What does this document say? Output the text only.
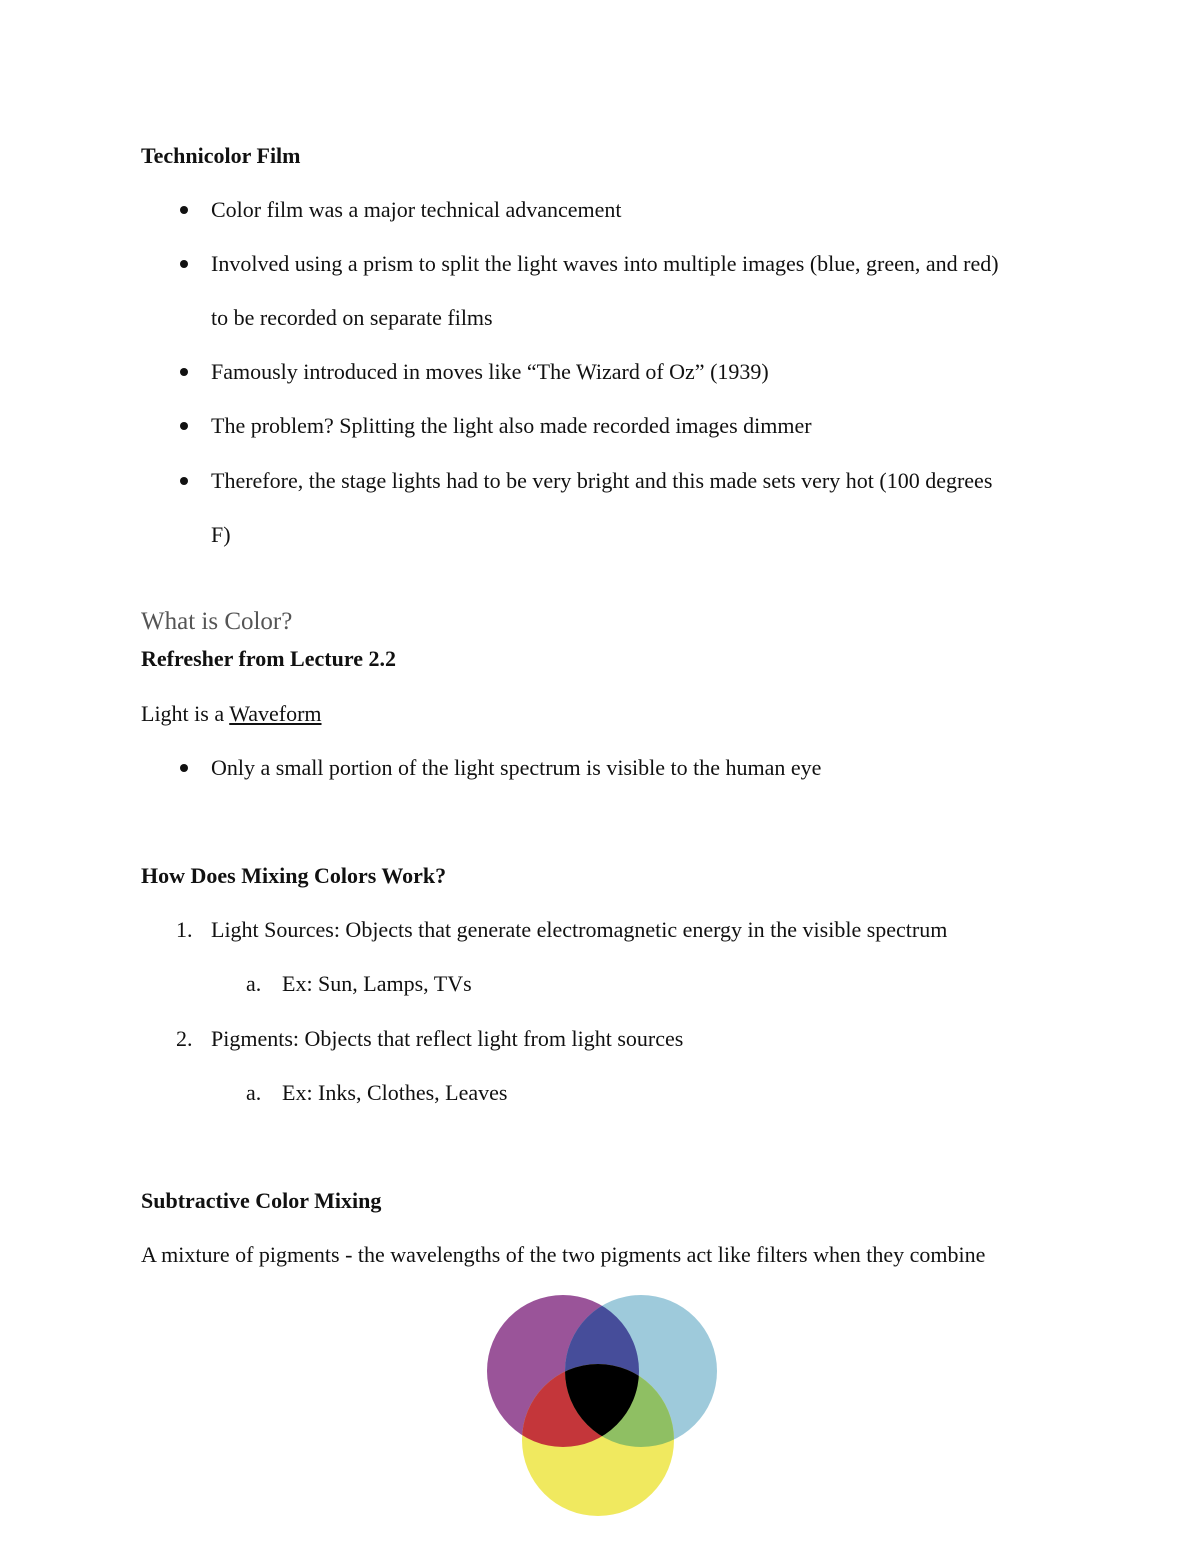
Technicolor Film
Color film was a major technical advancement
Involved using a prism to split the light waves into multiple images (blue, green, and red)
to be recorded on separate films
Famously introduced in moves like “The Wizard of Oz” (1939)
The problem? Splitting the light also made recorded images dimmer
Therefore, the stage lights had to be very bright and this made sets very hot (100 degrees
F)
What is Color?
Refresher from Lecture 2.2
Light is a Waveform
Only a small portion of the light spectrum is visible to the human eye
How Does Mixing Colors Work?
1. Light Sources: Objects that generate electromagnetic energy in the visible spectrum
a. Ex: Sun, Lamps, TVs
2. Pigments: Objects that reflect light from light sources
a. Ex: Inks, Clothes, Leaves
Subtractive Color Mixing
A mixture of pigments - the wavelengths of the two pigments act like filters when they combine
